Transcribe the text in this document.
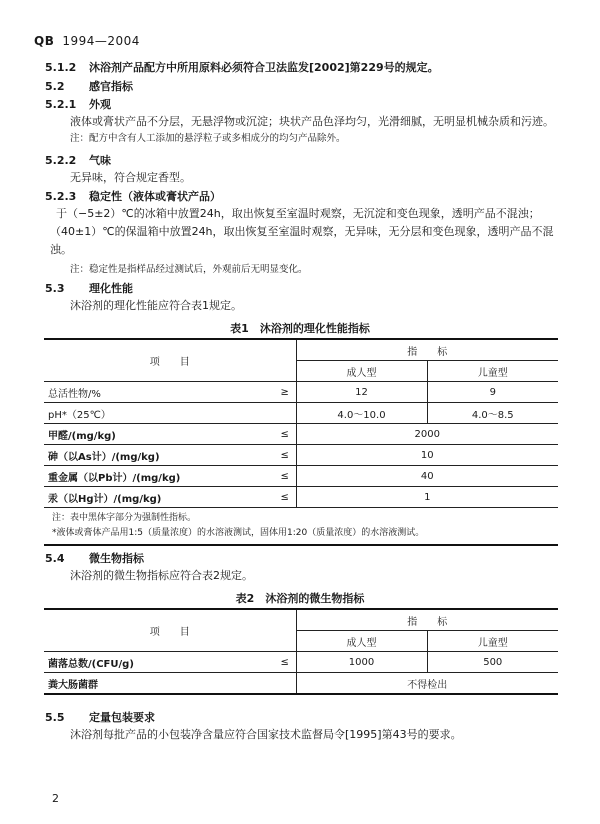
QB 1994—2004
5.1.2 沐浴剂产品配方中所用原料必须符合卫法监发[2002]第229号的规定。
5.2 感官指标
5.2.1 外观
液体或膏状产品不分层，无悬浮物或沉淀；块状产品色泽均匀，光滑细腻，无明显机械杂质和污迹。
注：配方中含有人工添加的悬浮粒子或多相成分的均匀产品除外。
5.2.2 气味
无异味，符合规定香型。
5.2.3 稳定性（液体或膏状产品）
于（−5±2）℃的冰箱中放置24h，取出恢复至室温时观察，无沉淀和变色现象，透明产品不混浊；
（40±1）℃的保温箱中放置24h，取出恢复至室温时观察，无异味，无分层和变色现象，透明产品不混
浊。
注：稳定性是指样品经过测试后，外观前后无明显变化。
5.3 理化性能
沐浴剂的理化性能应符合表1规定。
表1　沐浴剂的理化性能指标
项　　目		指　　标	
		成人型	儿童型
总活性物/%	≥	12	9
pH*（25℃）		4.0～10.0	4.0～8.5
甲醛/(mg/kg)	≤	2000	
砷（以As计）/(mg/kg)	≤	10	
重金属（以Pb计）/(mg/kg)	≤	40	
汞（以Hg计）/(mg/kg)	≤	1	

注：表中黑体字部分为强制性指标。
*液体或膏体产品用1:5（质量浓度）的水溶液测试，固体用1:20（质量浓度）的水溶液测试。			
5.4 微生物指标
沐浴剂的微生物指标应符合表2规定。
表2　沐浴剂的微生物指标
项　　目		指　　标	
		成人型	儿童型
菌落总数/(CFU/g)	≤	1000	500
粪大肠菌群		不得检出	
5.5 定量包装要求
沐浴剂每批产品的小包装净含量应符合国家技术监督局令[1995]第43号的要求。
2
